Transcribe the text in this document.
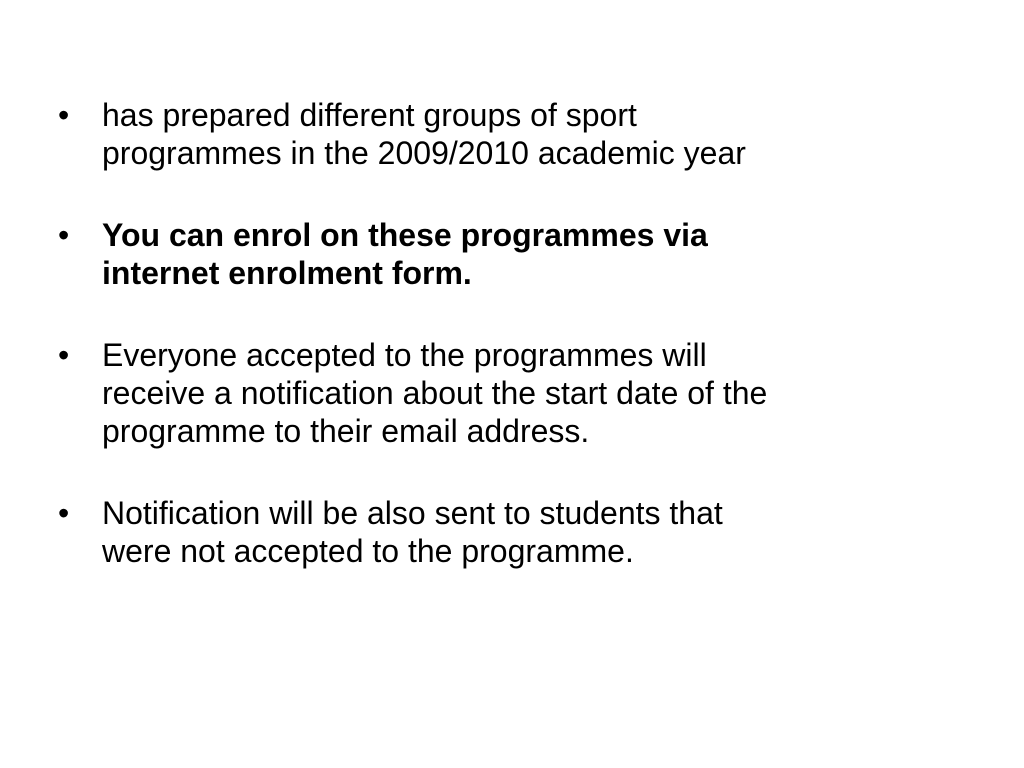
•	has prepared different groups of sport
programmes in the 2009/2010 academic year
•	You can enrol on these programmes via
internet enrolment form.
•	Everyone accepted to the programmes will
receive a notification about the start date of the
programme to their email address.
•	Notification will be also sent to students that
were not accepted to the programme.
